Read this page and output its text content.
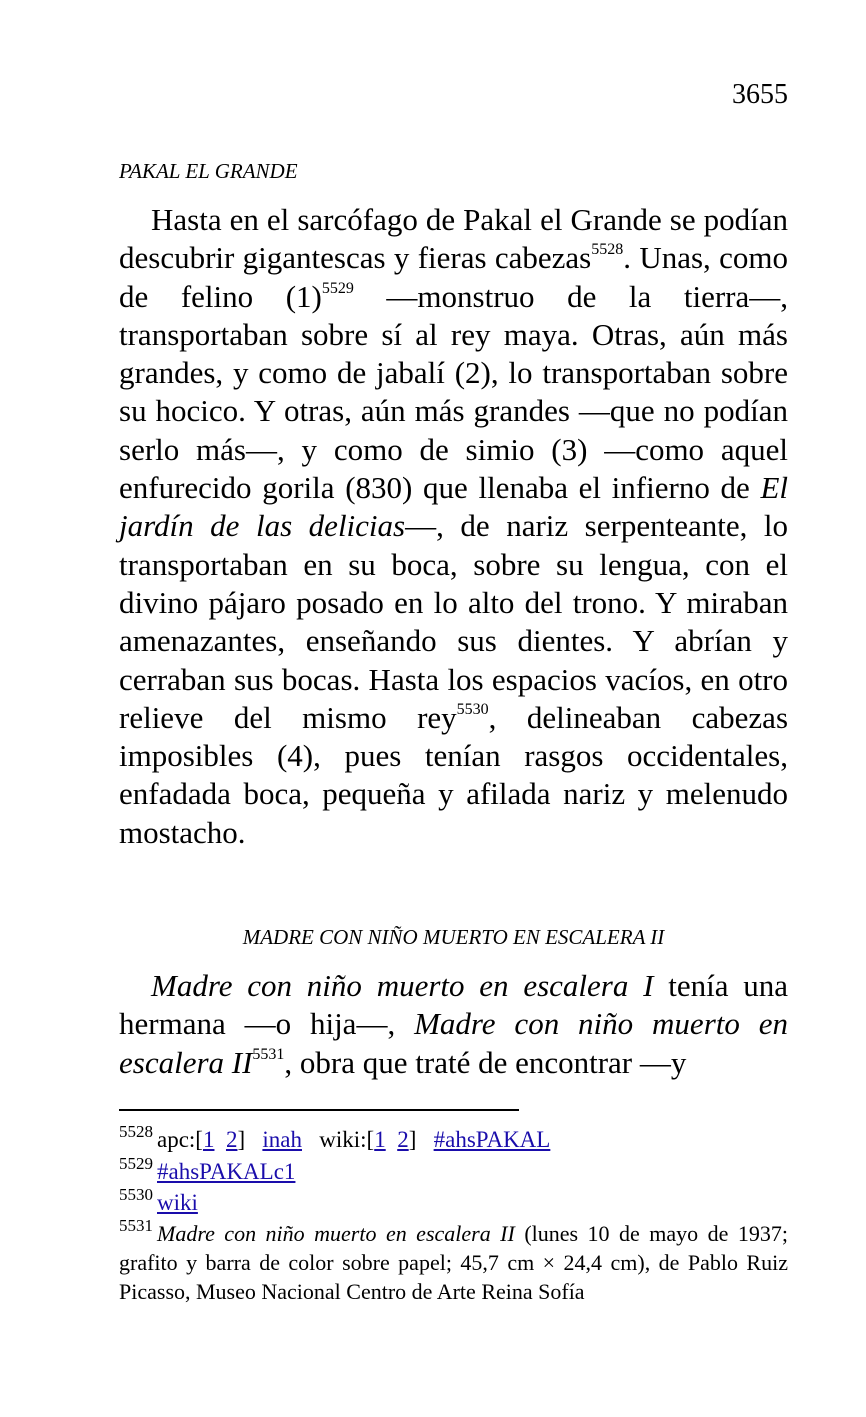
3655
PAKAL EL GRANDE

Hasta en el sarcófago de Pakal el Grande se podían descubrir gigantescas y fieras cabezas$^{5528}$. Unas, como de felino $(1)^{5529}$ —monstruo de la tierra—, transportaban sobre sí al rey maya. Otras, aún más grandes, y como de jabalí (2), lo transportaban sobre su hocico. Y otras, aún más grandes —que no podían serlo más—, y como de simio (3) —como aquel enfurecido gorila (830) que llenaba el infierno de El jardín de las delicias—, de nariz serpenteante, lo transportaban en su boca, sobre su lengua, con el divino pájaro posado en lo alto del trono. Y miraban amenazantes, enseñando sus dientes. Y abrían y cerraban sus bocas. Hasta los espacios vacíos, en otro relieve del mismo rey$^{5530}$, delineaban cabezas imposibles (4), pues tenían rasgos occidentales, enfadada boca, pequeña y afilada nariz y melenudo mostacho.

MADRE CON NIÑO MUERTO EN ESCALERA II

Madre con niño muerto en escalera I tenía una hermana —o hija—, Madre con niño muerto en escalera $II^{5531}$, obra que traté de encontrar —y

$^{5528}$ apc:[1 2] inah wiki:[1 2] #ahsPAKAL
$^{5529}$ #ahsPAKALc1
$^{5530}$ wiki
$^{5531}$ Madre con niño muerto en escalera II (lunes 10 de mayo de 1937; grafito y barra de color sobre papel; 45,7 cm × 24,4 cm), de Pablo Ruiz Picasso, Museo Nacional Centro de Arte Reina Sofía
